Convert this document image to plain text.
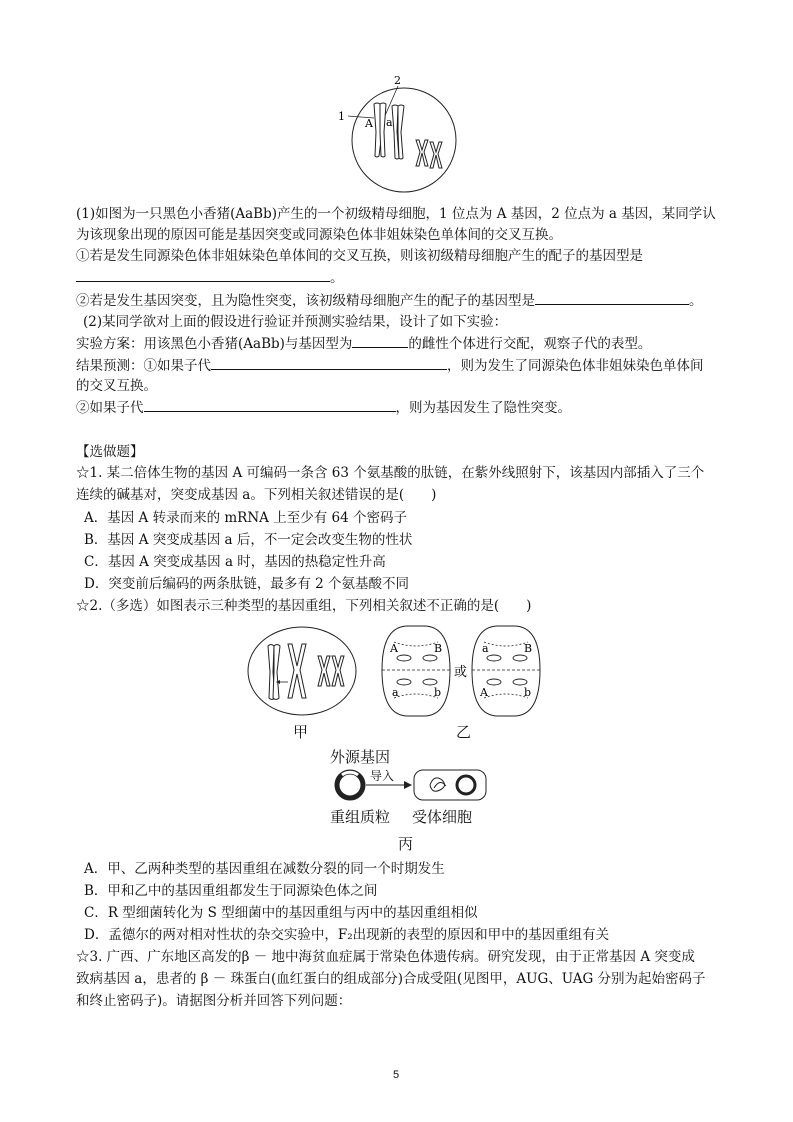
1
2
A a
(1)如图为一只黑色小香猪(AaBb)产生的一个初级精母细胞，1 位点为 A 基因，2 位点为 a 基因，某同学认
为该现象出现的原因可能是基因突变或同源染色体非姐妹染色单体间的交叉互换。
①若是发生同源染色体非姐妹染色单体间的交叉互换，则该初级精母细胞产生的配子的基因型是
。
②若是发生基因突变，且为隐性突变，该初级精母细胞产生的配子的基因型是	。
(2)某同学欲对上面的假设进行验证并预测实验结果，设计了如下实验：
实验方案：用该黑色小香猪(AaBb)与基因型为	的雌性个体进行交配，观察子代的表型。
结果预测：①如果子代	，则为发生了同源染色体非姐妹染色单体间
的交叉互换。
②如果子代	，则为基因发生了隐性突变。
【选做题】
☆1. 某二倍体生物的基因 A 可编码一条含 63 个氨基酸的肽链，在紫外线照射下，该基因内部插入了三个
连续的碱基对，突变成基因 a。下列相关叙述错误的是(　　)
A．基因 A 转录而来的 mRNA 上至少有 64 个密码子
B．基因 A 突变成基因 a 后，不一定会改变生物的性状
C．基因 A 突变成基因 a 时，基因的热稳定性升高
D．突变前后编码的两条肽链，最多有 2 个氨基酸不同
☆2.（多选）如图表示三种类型的基因重组，下列相关叙述不正确的是(　　)
甲
或
A	B
a	b
a	B
A	b
乙
外源基因
导入
重组质粒 受体细胞
丙
A．甲、乙两种类型的基因重组在减数分裂的同一个时期发生
B．甲和乙中的基因重组都发生于同源染色体之间
C．R 型细菌转化为 S 型细菌中的基因重组与丙中的基因重组相似
D．孟德尔的两对相对性状的杂交实验中，F₂出现新的表型的原因和甲中的基因重组有关
☆3. 广西、广东地区高发的β － 地中海贫血症属于常染色体遗传病。研究发现，由于正常基因 A 突变成
致病基因 a，患者的 β － 珠蛋白(血红蛋白的组成部分)合成受阻(见图甲，AUG、UAG 分别为起始密码子
和终止密码子)。请据图分析并回答下列问题：
5
